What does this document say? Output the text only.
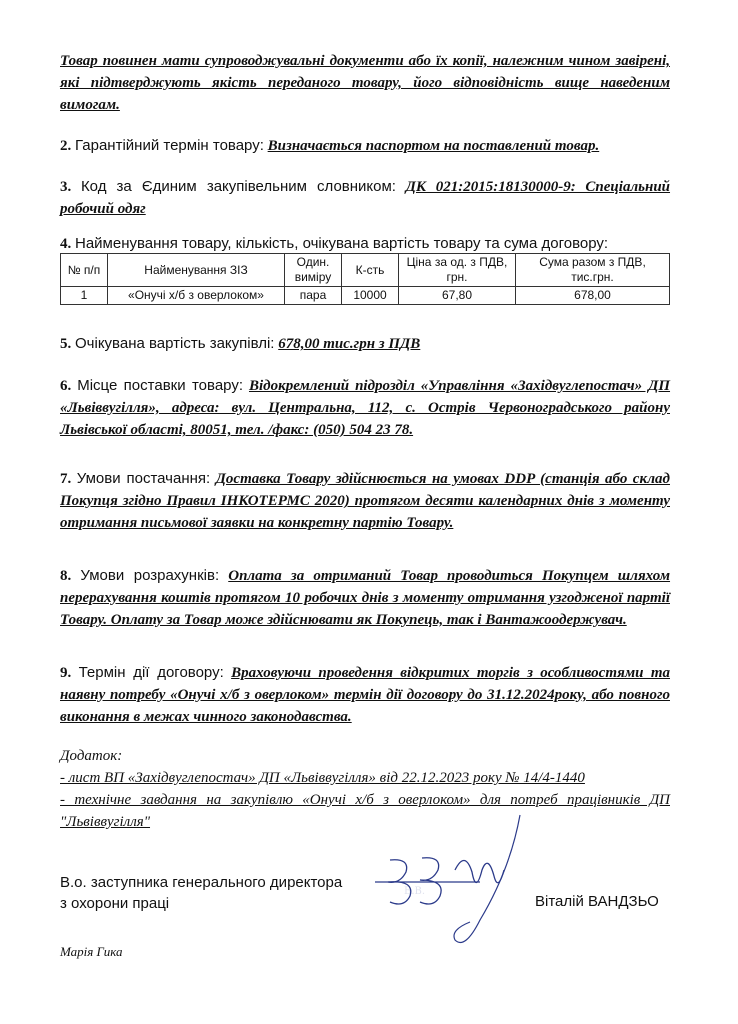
Товар повинен мати супроводжувальні документи або їх копії, належним чином завірені, які підтверджують якість переданого товару, його відповідність вище наведеним вимогам.
2. Гарантійний термін товару: Визначається паспортом на поставлений товар.
3. Код за Єдиним закупівельним словником: ДК 021:2015:18130000-9: Спеціальний робочий одяг
4. Найменування товару, кількість, очікувана вартість товару та сума договору:
№ п/п	Найменування ЗІЗ	Один. виміру	К-сть	Ціна за од. з ПДВ, грн.	Сума разом з ПДВ, тис.грн.
1	«Онучі х/б з оверлоком»	пара	10000	67,80	678,00
5. Очікувана вартість закупівлі: 678,00 тис.грн з ПДВ
6. Місце поставки товару: Відокремлений підрозділ «Управління «Західвуглепостач» ДП «Львіввугілля», адреса: вул. Центральна, 112, с. Острів Червоноградського району Львівської області, 80051, тел. /факс: (050) 504 23 78.
7. Умови постачання: Доставка Товару здійснюється на умовах DDP (станція або склад Покупця згідно Правил ІНКОТЕРМС 2020) протягом десяти календарних днів з моменту отримання письмової заявки на конкретну партію Товару.
8. Умови розрахунків: Оплата за отриманий Товар проводиться Покупцем шляхом перерахування коштів протягом 10 робочих днів з моменту отримання узгодженої партії Товару. Оплату за Товар може здійснювати як Покупець, так і Вантажоодержувач.
9. Термін дії договору: Враховуючи проведення відкритих торгів з особливостями та наявну потребу «Онучі х/б з оверлоком» термін дії договору до 31.12.2024року, або повного виконання в межах чинного законодавства.
Додаток:
- лист ВП «Західвуглепостач» ДП «Львіввугілля» від 22.12.2023 року № 14/4-1440
- технічне завдання на закупівлю «Онучі х/б з оверлоком» для потреб працівників ДП "Львіввугілля"
В.о. заступника генерального директора
з охорони праці
В.В.
Віталій ВАНДЗЬО
Марія Гика
